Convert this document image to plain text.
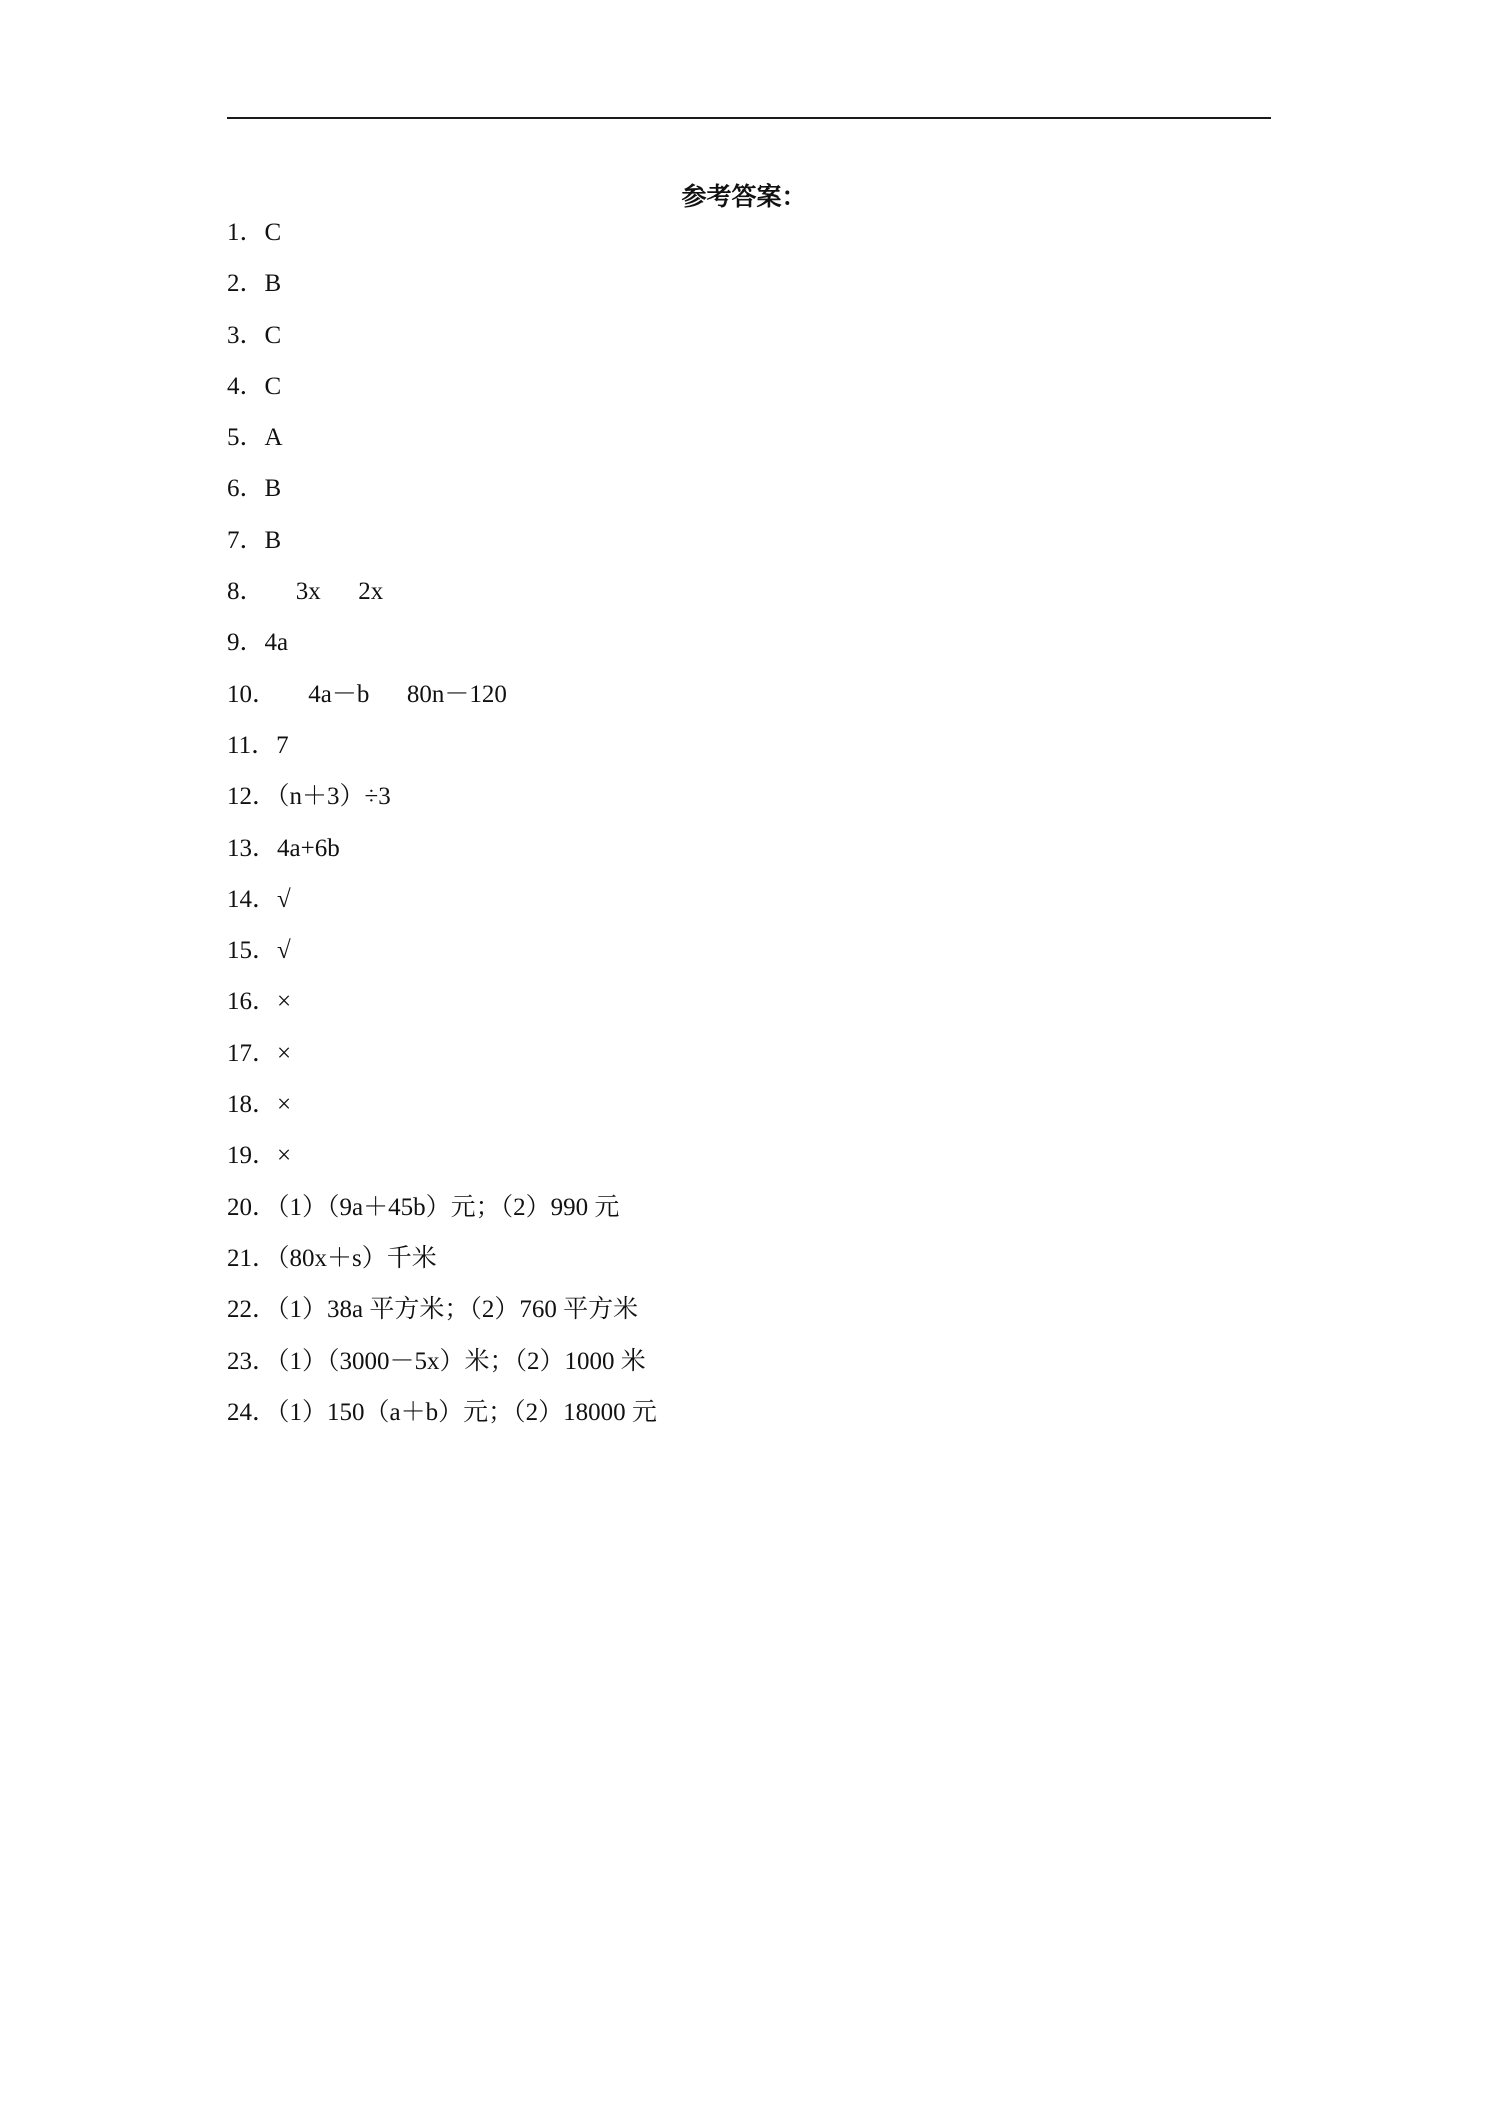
参考答案：
1．C
2．B
3．C
4．C
5．A
6．B
7．B
8．     3x      2x
9．4a
10．     4a－b      80n－120
11．7
12．（n＋3）÷3
13．4a+6b
14．√
15．√
16．×
17．×
18．×
19．×
20．（1）（9a＋45b）元；（2）990 元
21．（80x＋s）千米
22．（1）38a 平方米；（2）760 平方米
23．（1）（3000－5x）米；（2）1000 米
24．（1）150（a＋b）元；（2）18000 元
